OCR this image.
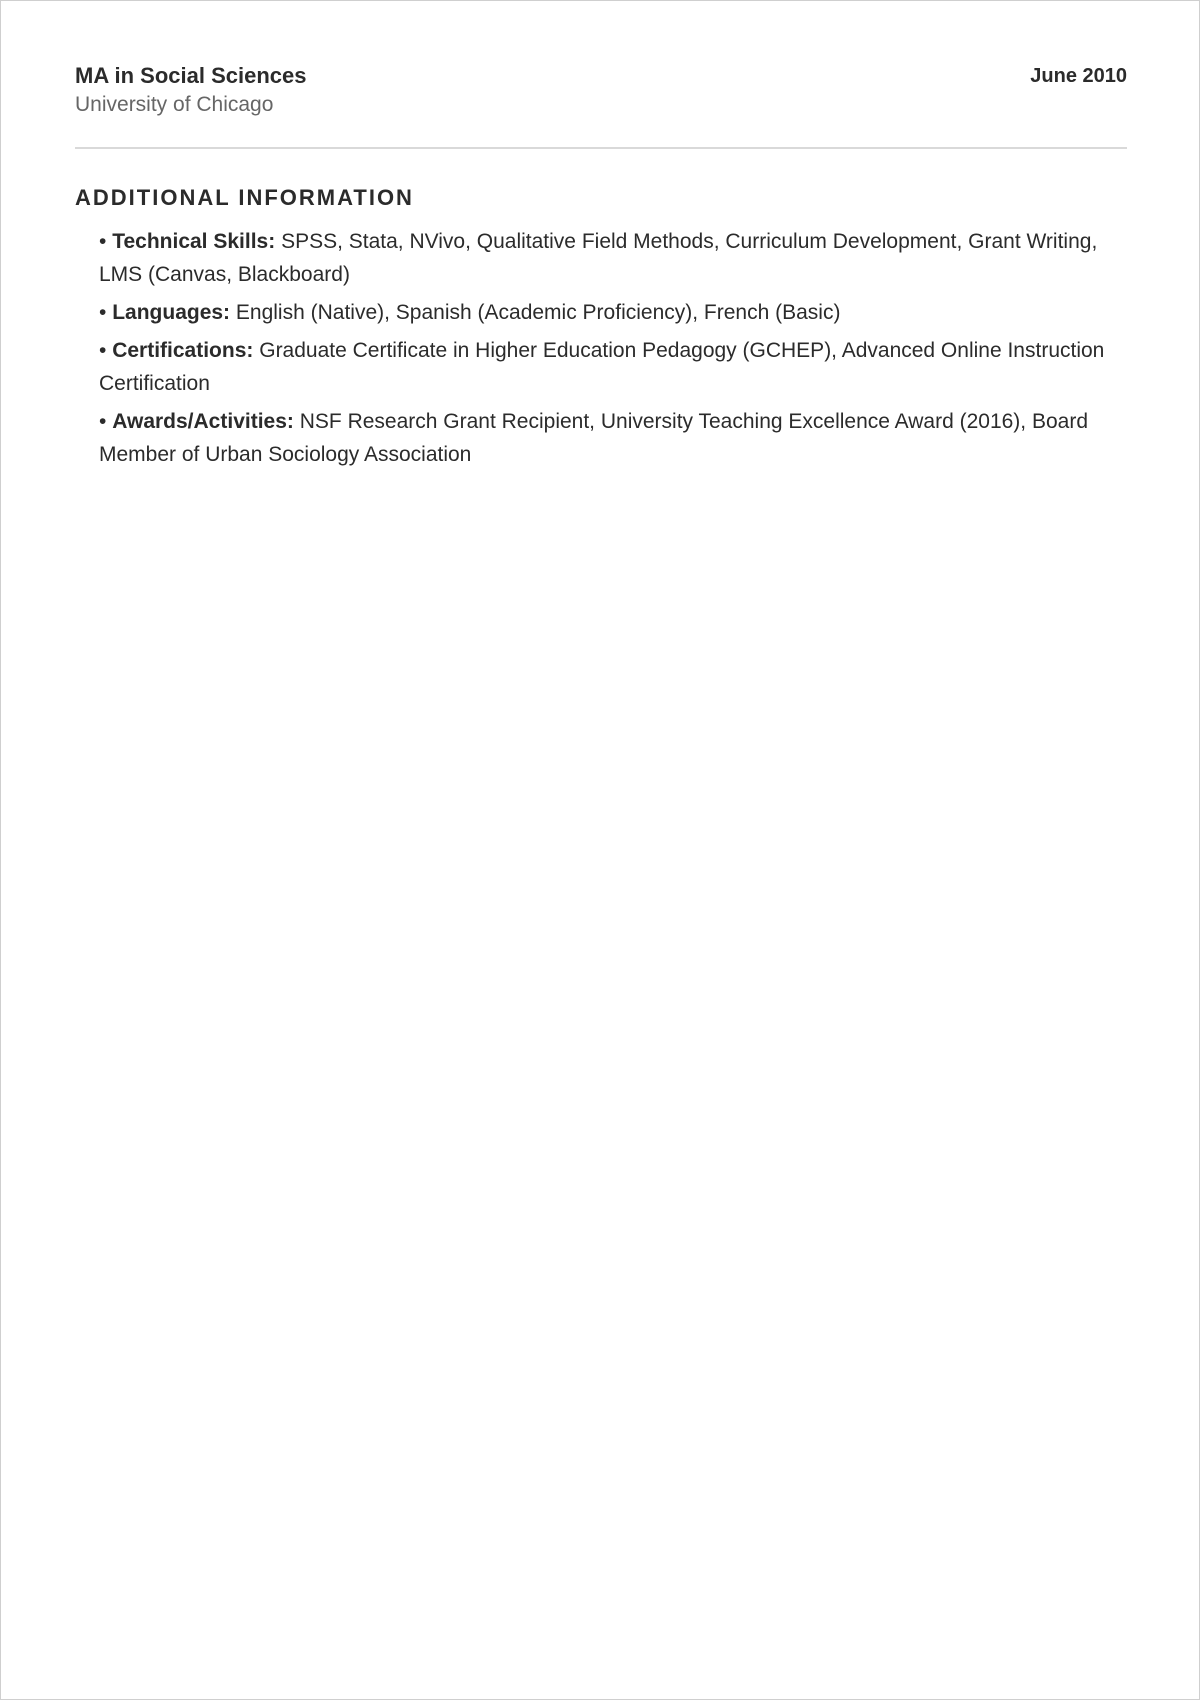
MA in Social Sciences
University of Chicago
June 2010
ADDITIONAL INFORMATION
• Technical Skills: SPSS, Stata, NVivo, Qualitative Field Methods, Curriculum Development, Grant Writing, LMS (Canvas, Blackboard)
• Languages: English (Native), Spanish (Academic Proficiency), French (Basic)
• Certifications: Graduate Certificate in Higher Education Pedagogy (GCHEP), Advanced Online Instruction Certification
• Awards/Activities: NSF Research Grant Recipient, University Teaching Excellence Award (2016), Board Member of Urban Sociology Association
